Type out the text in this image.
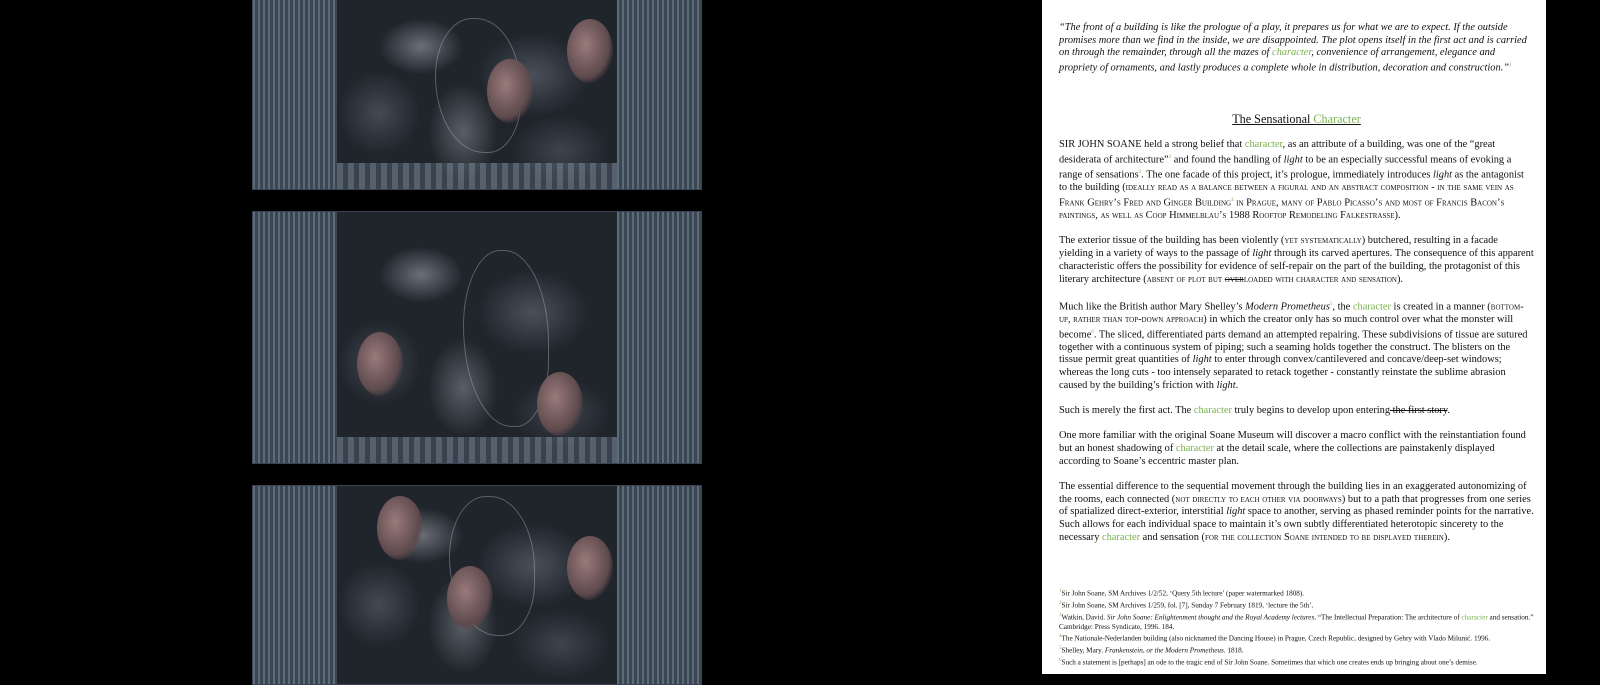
“The front of a building is like the prologue of a play, it prepares us for what we are to expect. If the outside promises more than we find in the inside, we are disappointed. The plot opens itself in the first act and is carried on through the remainder, through all the mazes of character, convenience of arrangement, elegance and propriety of ornaments, and lastly produces a complete whole in distribution, decoration and construction.”$^1$

The Sensational Character

SIR JOHN SOANE held a strong belief that character, as an attribute of a building, was one of the “great desiderata of architecture”$^2$ and found the handling of light to be an especially successful means of evoking a range of sensations$^3$. The one facade of this project, it’s prologue, immediately introduces light as the antagonist to the building (ideally read as a balance between a figural and an abstract composition - in the same vein as Frank Gehry’s Fred and Ginger Building$^4$ in Prague, many of Pablo Picasso’s and most of Francis Bacon’s paintings, as well as Coop Himmelblau’s 1988 Rooftop Remodeling Falkestrasse).

The exterior tissue of the building has been violently (yet systematically) butchered, resulting in a facade yielding in a variety of ways to the passage of light through its carved apertures. The consequence of this apparent characteristic offers the possibility for evidence of self-repair on the part of the building, the protagonist of this literary architecture (absent of plot but overloaded with character and sensation).

Much like the British author Mary Shelley’s Modern Prometheus$^5$, the character is created in a manner (bottom-up, rather than top-down approach) in which the creator only has so much control over what the monster will become$^6$. The sliced, differentiated parts demand an attempted repairing. These subdivisions of tissue are sutured together with a continuous system of piping; such a seaming holds together the construct. The blisters on the tissue permit great quantities of light to enter through convex/cantilevered and concave/deep-set windows; whereas the long cuts - too intensely separated to retack together - constantly reinstate the sublime abrasion caused by the building’s friction with light.

Such is merely the first act. The character truly begins to develop upon entering the first story.

One more familiar with the original Soane Museum will discover a macro conflict with the reinstantiation found but an honest shadowing of character at the detail scale, where the collections are painstakenly displayed according to Soane’s eccentric master plan.

The essential difference to the sequential movement through the building lies in an exaggerated autonomizing of the rooms, each connected (not directly to each other via doorways) but to a path that progresses from one series of spatialized direct-exterior, interstitial light space to another, serving as phased reminder points for the narrative. Such allows for each individual space to maintain it’s own subtly differentiated heterotopic sincerety to the necessary character and sensation (for the collection Soane intended to be displayed therein).

$^1$Sir John Soane, SM Archives 1/2/52, ‘Query 5th lecture’ (paper watermarked 1808).

$^2$Sir John Soane, SM Archives 1/259, fol. [7], Sunday 7 February 1819, ‘lecture the 5th’.

$^3$Watkin, David. Sir John Soane: Enlightenment thought and the Royal Academy lectures. “The Intellectual Preparation: The architecture of character and sensation.” Cambridge: Press Syndicate, 1996. 184.

$^4$The Nationale-Nederlanden building (also nicknamed the Dancing House) in Prague, Czech Republic, designed by Gehry with Vlado Milunić. 1996.

$^5$Shelley, Mary. Frankenstein, or the Modern Prometheus. 1818.

$^6$Such a statement is [perhaps] an ode to the tragic end of Sir John Soane. Sometimes that which one creates ends up bringing about one’s demise.
